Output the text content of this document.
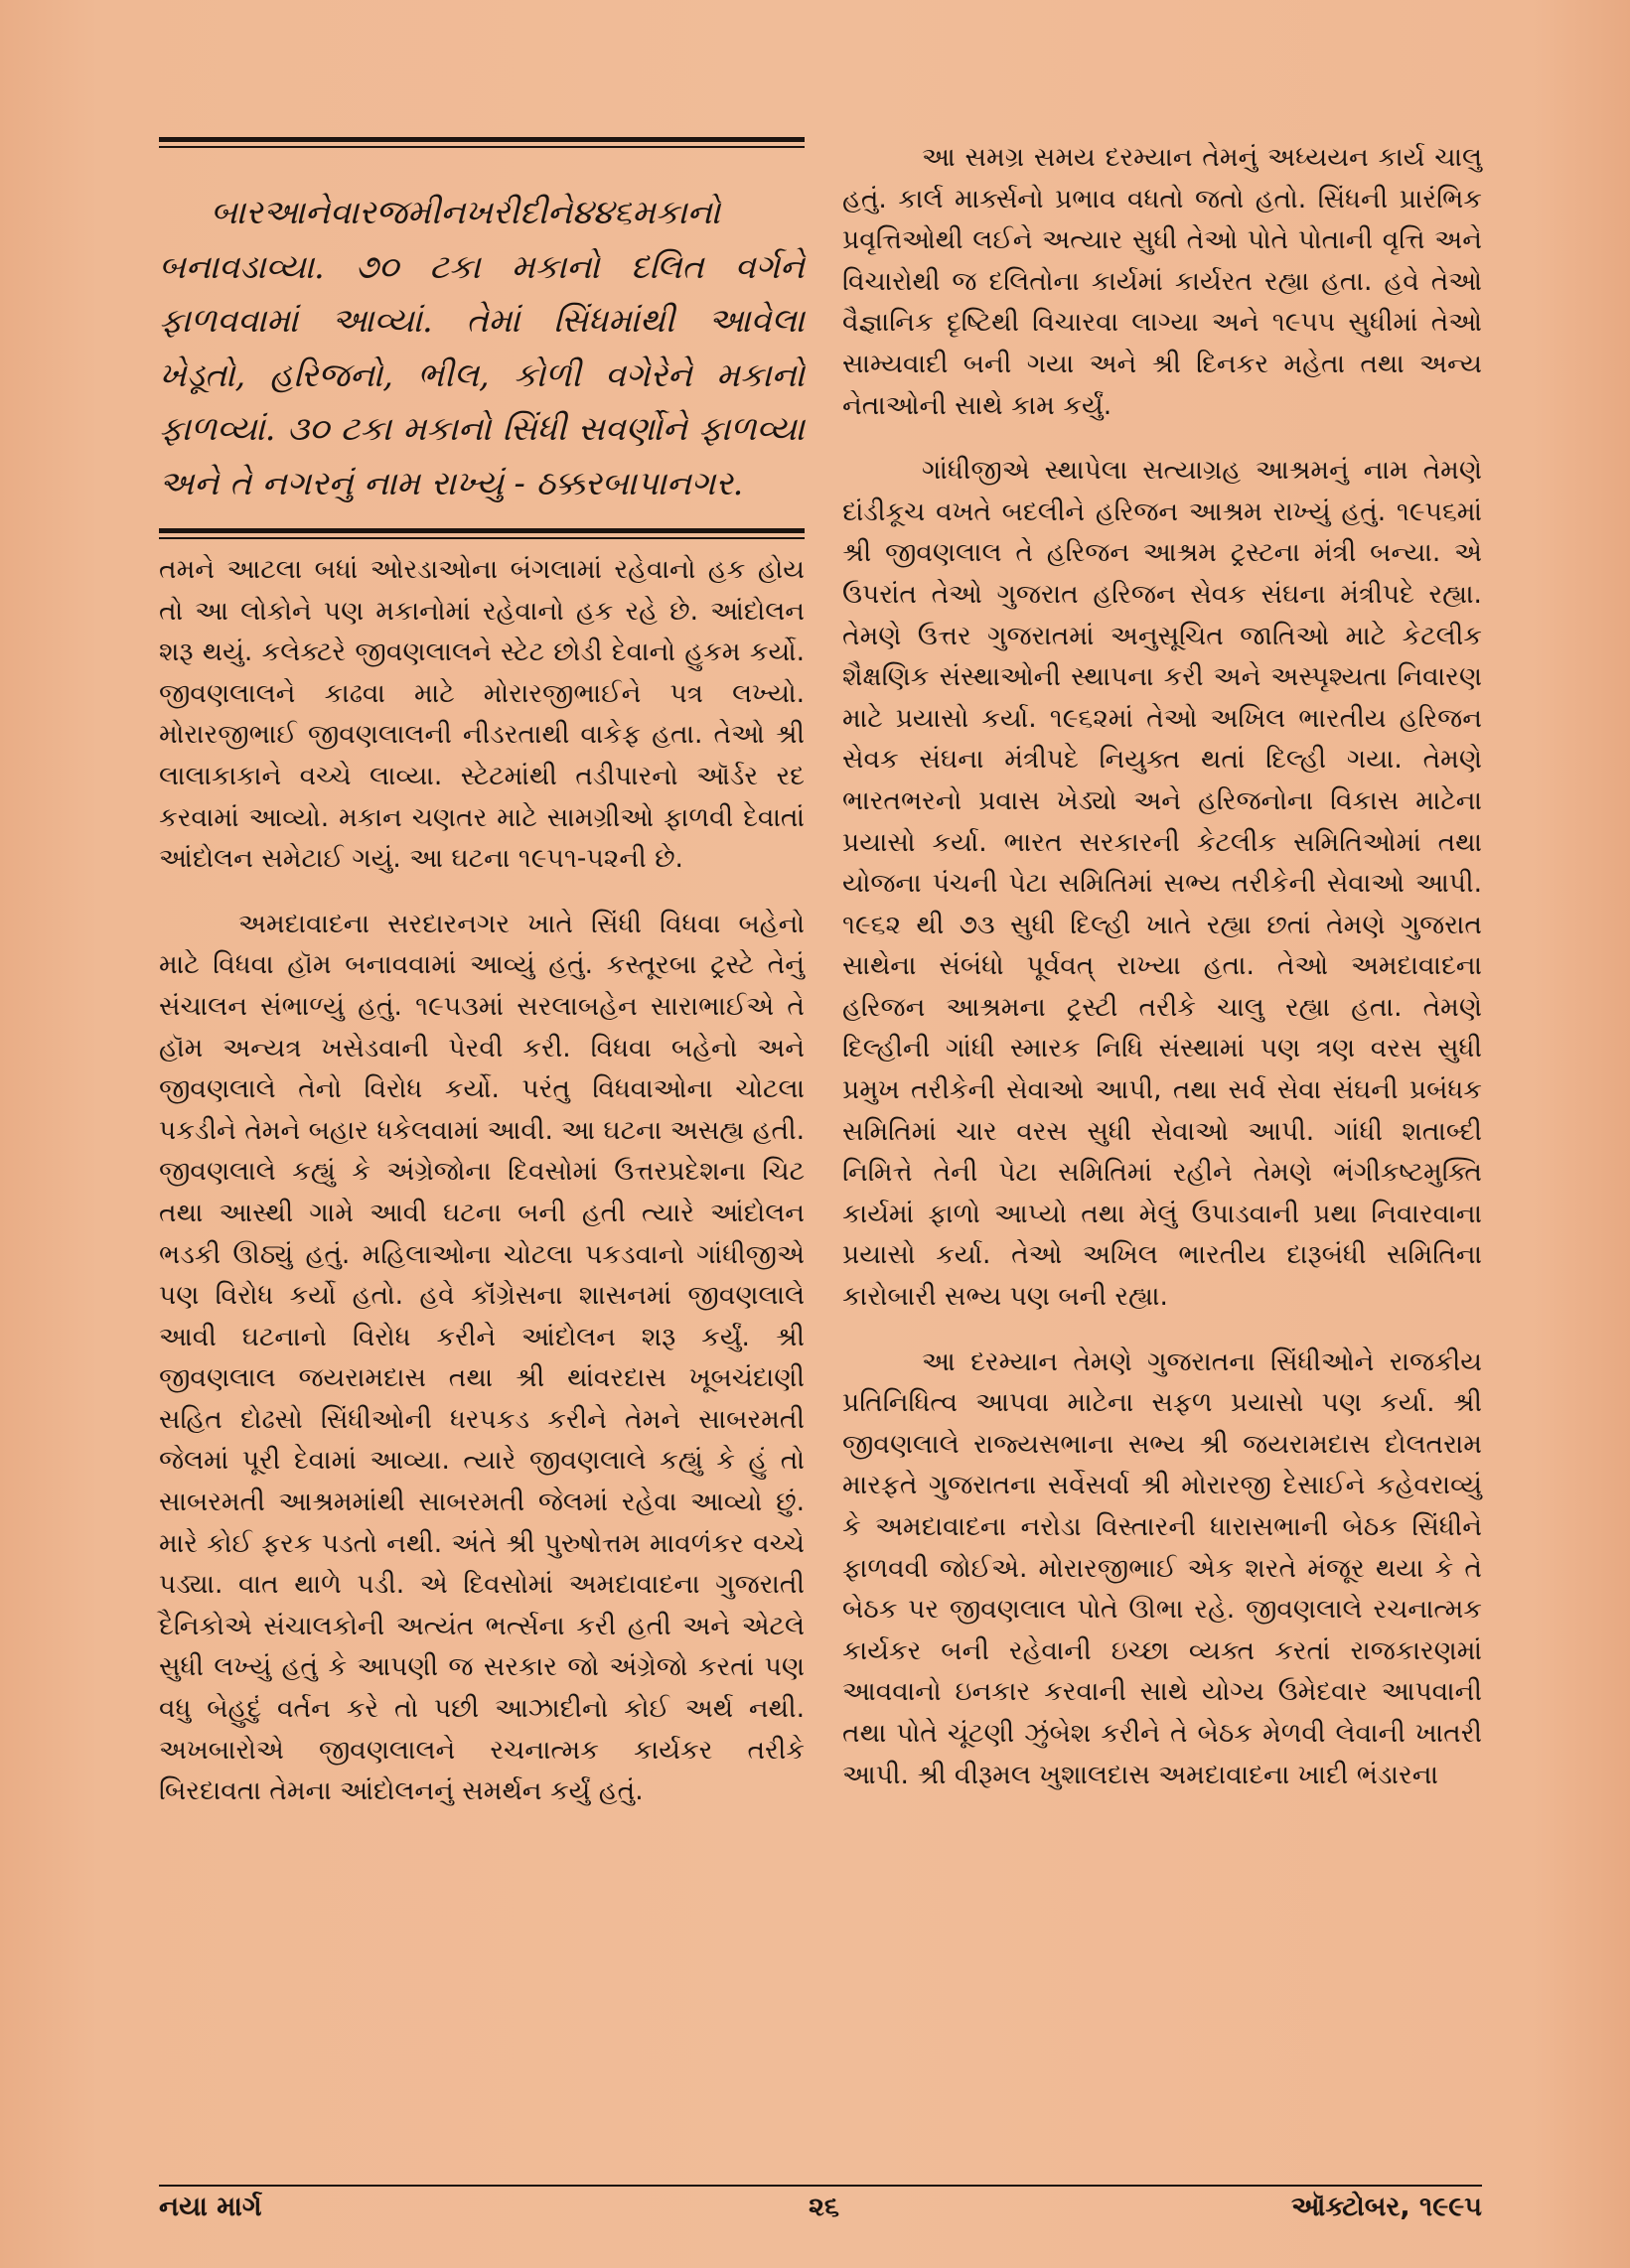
બારઆનેવારજમીનખરીદીને૪૪૬મકાનો
બનાવડાવ્યા. ૭૦ ટકા મકાનો દલિત વર્ગને ફાળવવામાં આવ્યાં. તેમાં સિંધમાંથી આવેલા ખેડૂતો, હરિજનો, ભીલ, કોળી વગેરેને મકાનો ફાળવ્યાં. ૩૦ ટકા મકાનો સિંધી સવર્ણોને ફાળવ્યા અને તે નગરનું નામ રાખ્યું - ઠક્કરબાપાનગર.

તમને આટલા બધાં ઓરડાઓના બંગલામાં રહેવાનો હક હોય તો આ લોકોને પણ મકાનોમાં રહેવાનો હક રહે છે. આંદોલન શરૂ થયું. કલેક્ટરે જીવણલાલને સ્ટેટ છોડી દેવાનો હુકમ કર્યો. જીવણલાલને કાઢવા માટે મોરારજીભાઈને પત્ર લખ્યો. મોરારજીભાઈ જીવણલાલની નીડરતાથી વાકેફ હતા. તેઓ શ્રી લાલાકાકાને વચ્ચે લાવ્યા. સ્ટેટમાંથી તડીપારનો ઑર્ડર રદ કરવામાં આવ્યો. મકાન ચણતર માટે સામગ્રીઓ ફાળવી દેવાતાં આંદોલન સમેટાઈ ગયું. આ ઘટના ૧૯૫૧-૫૨ની છે.

અમદાવાદના સરદારનગર ખાતે સિંધી વિધવા બહેનો માટે વિધવા હૉમ બનાવવામાં આવ્યું હતું. કસ્તૂરબા ટ્રસ્ટે તેનું સંચાલન સંભાળ્યું હતું. ૧૯૫૩માં સરલાબહેન સારાભાઈએ તે હૉમ અન્યત્ર ખસેડવાની પેરવી કરી. વિધવા બહેનો અને જીવણલાલે તેનો વિરોધ કર્યો. પરંતુ વિધવાઓના ચોટલા પકડીને તેમને બહાર ધકેલવામાં આવી. આ ઘટના અસહ્ય હતી. જીવણલાલે કહ્યું કે અંગ્રેજોના દિવસોમાં ઉત્તરપ્રદેશના ચિટ તથા આસ્થી ગામે આવી ઘટના બની હતી ત્યારે આંદોલન ભડકી ઊઠ્યું હતું. મહિલાઓના ચોટલા પકડવાનો ગાંધીજીએ પણ વિરોધ કર્યો હતો. હવે કૉંગ્રેસના શાસનમાં જીવણલાલે આવી ઘટનાનો વિરોધ કરીને આંદોલન શરૂ કર્યું. શ્રી જીવણલાલ જયરામદાસ તથા શ્રી થાંવરદાસ ખૂબચંદાણી સહિત દોઢસો સિંધીઓની ધરપકડ કરીને તેમને સાબરમતી જેલમાં પૂરી દેવામાં આવ્યા. ત્યારે જીવણલાલે કહ્યું કે હું તો સાબરમતી આશ્રમમાંથી સાબરમતી જેલમાં રહેવા આવ્યો છું. મારે કોઈ ફરક પડતો નથી. અંતે શ્રી પુરુષોત્તમ માવળંકર વચ્ચે પડ્યા. વાત થાળે પડી. એ દિવસોમાં અમદાવાદના ગુજરાતી દૈનિકોએ સંચાલકોની અત્યંત ભર્ત્સના કરી હતી અને એટલે સુધી લખ્યું હતું કે આપણી જ સરકાર જો અંગ્રેજો કરતાં પણ વધુ બેહુદું વર્તન કરે તો પછી આઝાદીનો કોઈ અર્થ નથી. અખબારોએ જીવણલાલને રચનાત્મક કાર્યકર તરીકે બિરદાવતા તેમના આંદોલનનું સમર્થન કર્યું હતું.

આ સમગ્ર સમય દરમ્યાન તેમનું અધ્યયન કાર્ય ચાલુ હતું. કાર્લ માર્ક્સનો પ્રભાવ વધતો જતો હતો. સિંધની પ્રારંભિક પ્રવૃત્તિઓથી લઈને અત્યાર સુધી તેઓ પોતે પોતાની વૃત્તિ અને વિચારોથી જ દલિતોના કાર્યમાં કાર્યરત રહ્યા હતા. હવે તેઓ વૈજ્ઞાનિક દૃષ્ટિથી વિચારવા લાગ્યા અને ૧૯૫૫ સુધીમાં તેઓ સામ્યવાદી બની ગયા અને શ્રી દિનકર મહેતા તથા અન્ય નેતાઓની સાથે કામ કર્યું.

ગાંધીજીએ સ્થાપેલા સત્યાગ્રહ આશ્રમનું નામ તેમણે દાંડીકૂચ વખતે બદલીને હરિજન આશ્રમ રાખ્યું હતું. ૧૯૫૬માં શ્રી જીવણલાલ તે હરિજન આશ્રમ ટ્રસ્ટના મંત્રી બન્યા. એ ઉપરાંત તેઓ ગુજરાત હરિજન સેવક સંઘના મંત્રીપદે રહ્યા. તેમણે ઉત્તર ગુજરાતમાં અનુસૂચિત જાતિઓ માટે કેટલીક શૈક્ષણિક સંસ્થાઓની સ્થાપના કરી અને અસ્પૃશ્યતા નિવારણ માટે પ્રયાસો કર્યા. ૧૯૬૨માં તેઓ અખિલ ભારતીય હરિજન સેવક સંઘના મંત્રીપદે નિયુક્ત થતાં દિલ્હી ગયા. તેમણે ભારતભરનો પ્રવાસ ખેડ્યો અને હરિજનોના વિકાસ માટેના પ્રયાસો કર્યા. ભારત સરકારની કેટલીક સમિતિઓમાં તથા યોજના પંચની પેટા સમિતિમાં સભ્ય તરીકેની સેવાઓ આપી. ૧૯૬૨ થી ૭૩ સુધી દિલ્હી ખાતે રહ્યા છતાં તેમણે ગુજરાત સાથેના સંબંધો પૂર્વવત્ રાખ્યા હતા. તેઓ અમદાવાદના હરિજન આશ્રમના ટ્રસ્ટી તરીકે ચાલુ રહ્યા હતા. તેમણે દિલ્હીની ગાંધી સ્મારક નિધિ સંસ્થામાં પણ ત્રણ વરસ સુધી પ્રમુખ તરીકેની સેવાઓ આપી, તથા સર્વ સેવા સંઘની પ્રબંધક સમિતિમાં ચાર વરસ સુધી સેવાઓ આપી. ગાંધી શતાબ્દી નિમિત્તે તેની પેટા સમિતિમાં રહીને તેમણે ભંગીકષ્ટમુક્તિ કાર્યમાં ફાળો આપ્યો તથા મેલું ઉપાડવાની પ્રથા નિવારવાના પ્રયાસો કર્યા. તેઓ અખિલ ભારતીય દારૂબંધી સમિતિના કારોબારી સભ્ય પણ બની રહ્યા.

આ દરમ્યાન તેમણે ગુજરાતના સિંધીઓને રાજકીય પ્રતિનિધિત્વ આપવા માટેના સફળ પ્રયાસો પણ કર્યા. શ્રી જીવણલાલે રાજ્યસભાના સભ્ય શ્રી જયરામદાસ દોલતરામ મારફતે ગુજરાતના સર્વેસર્વા શ્રી મોરારજી દેસાઈને કહેવરાવ્યું કે અમદાવાદના નરોડા વિસ્તારની ધારાસભાની બેઠક સિંધીને ફાળવવી જોઈએ. મોરારજીભાઈ એક શરતે મંજૂર થયા કે તે બેઠક પર જીવણલાલ પોતે ઊભા રહે. જીવણલાલે રચનાત્મક કાર્યકર બની રહેવાની ઇચ્છા વ્યક્ત કરતાં રાજકારણમાં આવવાનો ઇનકાર કરવાની સાથે યોગ્ય ઉમેદવાર આપવાની તથા પોતે ચૂંટણી ઝુંબેશ કરીને તે બેઠક મેળવી લેવાની ખાતરી આપી. શ્રી વીરૂમલ ખુશાલદાસ અમદાવાદના ખાદી ભંડારના

નયા માર્ગ	૨૬	ઑક્ટોબર, ૧૯૯૫
